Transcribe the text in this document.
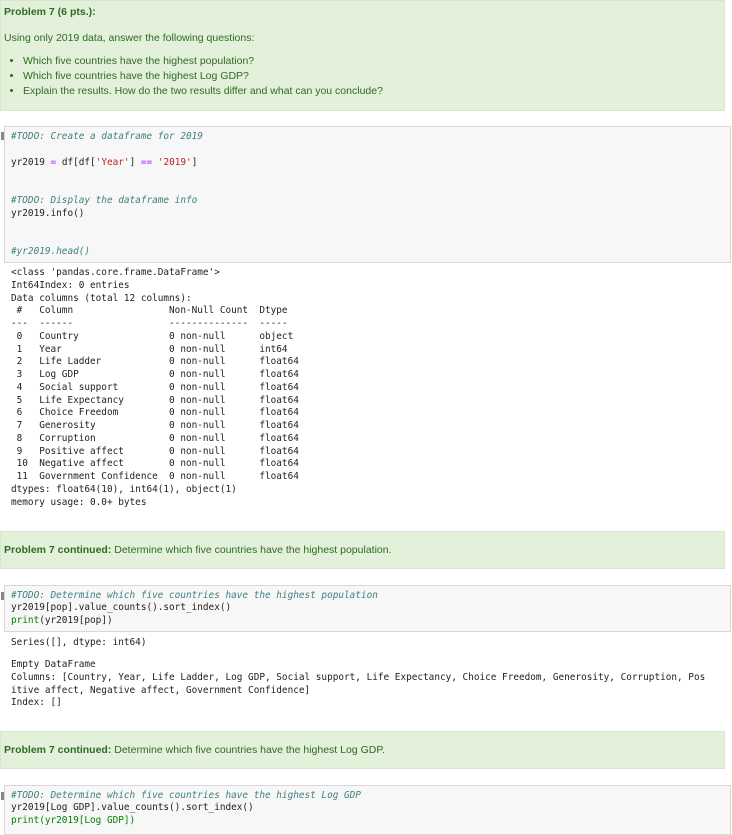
Problem 7 (6 pts.):

Using only 2019 data, answer the following questions:

• Which five countries have the highest population?
• Which five countries have the highest Log GDP?
• Explain the results. How do the two results differ and what can you conclude?
#TODO: Create a dataframe for 2019
yr2019 = df[df['Year'] == '2019']
#TODO: Display the dataframe info
yr2019.info()
#yr2019.head()
<class 'pandas.core.frame.DataFrame'>
Int64Index: 0 entries
Data columns (total 12 columns):
#   Column                 Non-Null Count  Dtype
---  ------                 --------------  -----
0   Country                0 non-null      object
1   Year                   0 non-null      int64
2   Life Ladder            0 non-null      float64
3   Log GDP                0 non-null      float64
4   Social support         0 non-null      float64
5   Life Expectancy        0 non-null      float64
6   Choice Freedom         0 non-null      float64
7   Generosity             0 non-null      float64
8   Corruption             0 non-null      float64
9   Positive affect        0 non-null      float64
10  Negative affect        0 non-null      float64
11  Government Confidence  0 non-null      float64
dtypes: float64(10), int64(1), object(1)
memory usage: 0.0+ bytes

Problem 7 continued: Determine which five countries have the highest population.

#TODO: Determine which five countries have the highest population
yr2019[pop].value_counts().sort_index()
print(yr2019[pop])
Series([], dtype: int64)
Empty DataFrame
Columns: [Country, Year, Life Ladder, Log GDP, Social support, Life Expectancy, Choice Freedom, Generosity, Corruption, Pos
itive affect, Negative affect, Government Confidence]
Index: []

Problem 7 continued: Determine which five countries have the highest Log GDP.

#TODO: Determine which five countries have the highest Log GDP
yr2019[Log GDP].value_counts().sort_index()
print(yr2019[Log GDP])
